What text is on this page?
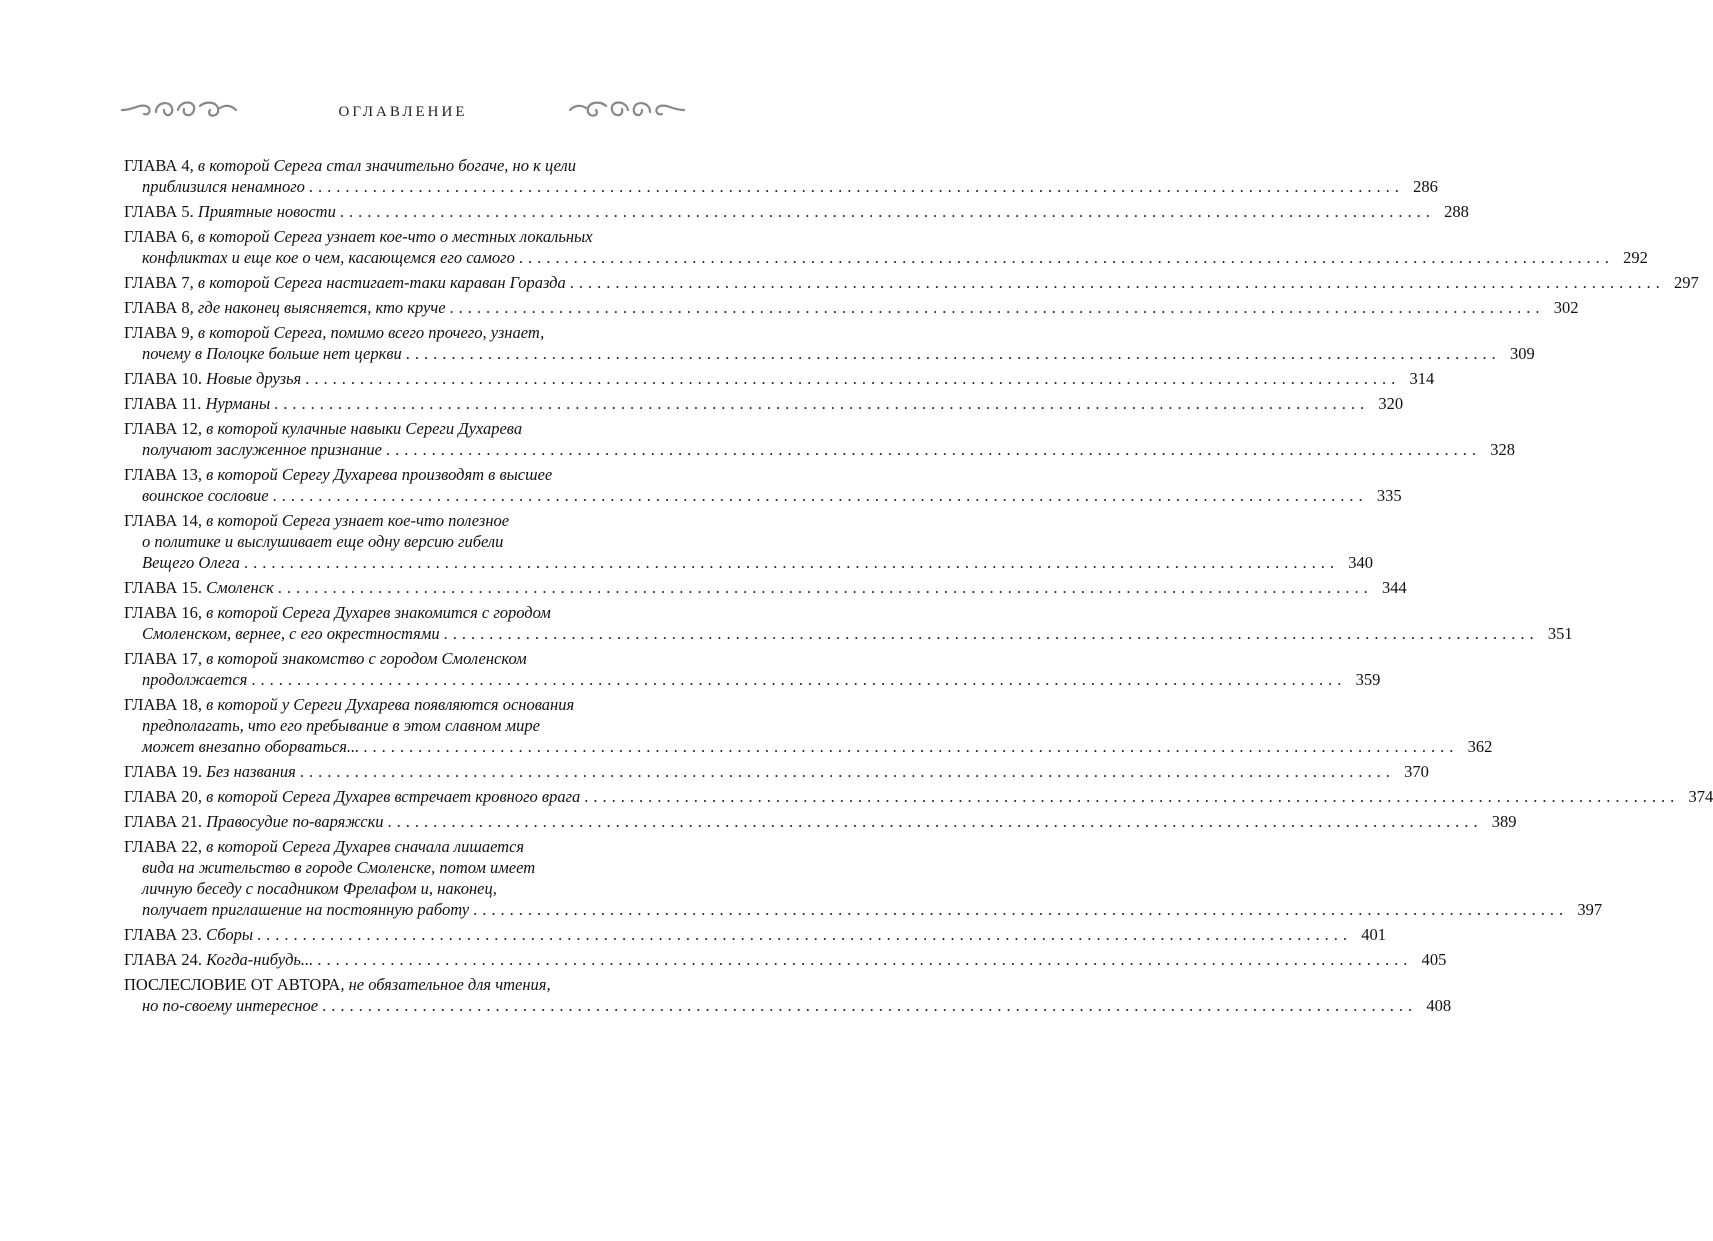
ОГЛАВЛЕНИЕ
ГЛАВА 4, в которой Серега стал значительно богаче, но к цели
приблизился ненамного ........................................................................................................................ 286
ГЛАВА 5. Приятные новости ........................................................................................................................ 288
ГЛАВА 6, в которой Серега узнает кое-что о местных локальных
конфликтах и еще кое о чем, касающемся его самого ........................................................................................................................ 292
ГЛАВА 7, в которой Серега настигает-таки караван Горазда ........................................................................................................................ 297
ГЛАВА 8, где наконец выясняется, кто круче ........................................................................................................................ 302
ГЛАВА 9, в которой Серега, помимо всего прочего, узнает,
почему в Полоцке больше нет церкви ........................................................................................................................ 309
ГЛАВА 10. Новые друзья ........................................................................................................................ 314
ГЛАВА 11. Нурманы ........................................................................................................................ 320
ГЛАВА 12, в которой кулачные навыки Сереги Духарева
получают заслуженное признание ........................................................................................................................ 328
ГЛАВА 13, в которой Серегу Духарева производят в высшее
воинское сословие ........................................................................................................................ 335
ГЛАВА 14, в которой Серега узнает кое-что полезное
о политике и выслушивает еще одну версию гибели
Вещего Олега ........................................................................................................................ 340
ГЛАВА 15. Смоленск ........................................................................................................................ 344
ГЛАВА 16, в которой Серега Духарев знакомится с городом
Смоленском, вернее, с его окрестностями ........................................................................................................................ 351
ГЛАВА 17, в которой знакомство с городом Смоленском
продолжается ........................................................................................................................ 359
ГЛАВА 18, в которой у Сереги Духарева появляются основания
предполагать, что его пребывание в этом славном мире
может внезапно оборваться... ........................................................................................................................ 362
ГЛАВА 19. Без названия ........................................................................................................................ 370
ГЛАВА 20, в которой Серега Духарев встречает кровного врага ........................................................................................................................ 374
ГЛАВА 21. Правосудие по-варяжски ........................................................................................................................ 389
ГЛАВА 22, в которой Серега Духарев сначала лишается
вида на жительство в городе Смоленске, потом имеет
личную беседу с посадником Фрелафом и, наконец,
получает приглашение на постоянную работу ........................................................................................................................ 397
ГЛАВА 23. Сборы ........................................................................................................................ 401
ГЛАВА 24. Когда-нибудь... ........................................................................................................................ 405
ПОСЛЕСЛОВИЕ ОТ АВТОРА, не обязательное для чтения,
но по-своему интересное ........................................................................................................................ 408
